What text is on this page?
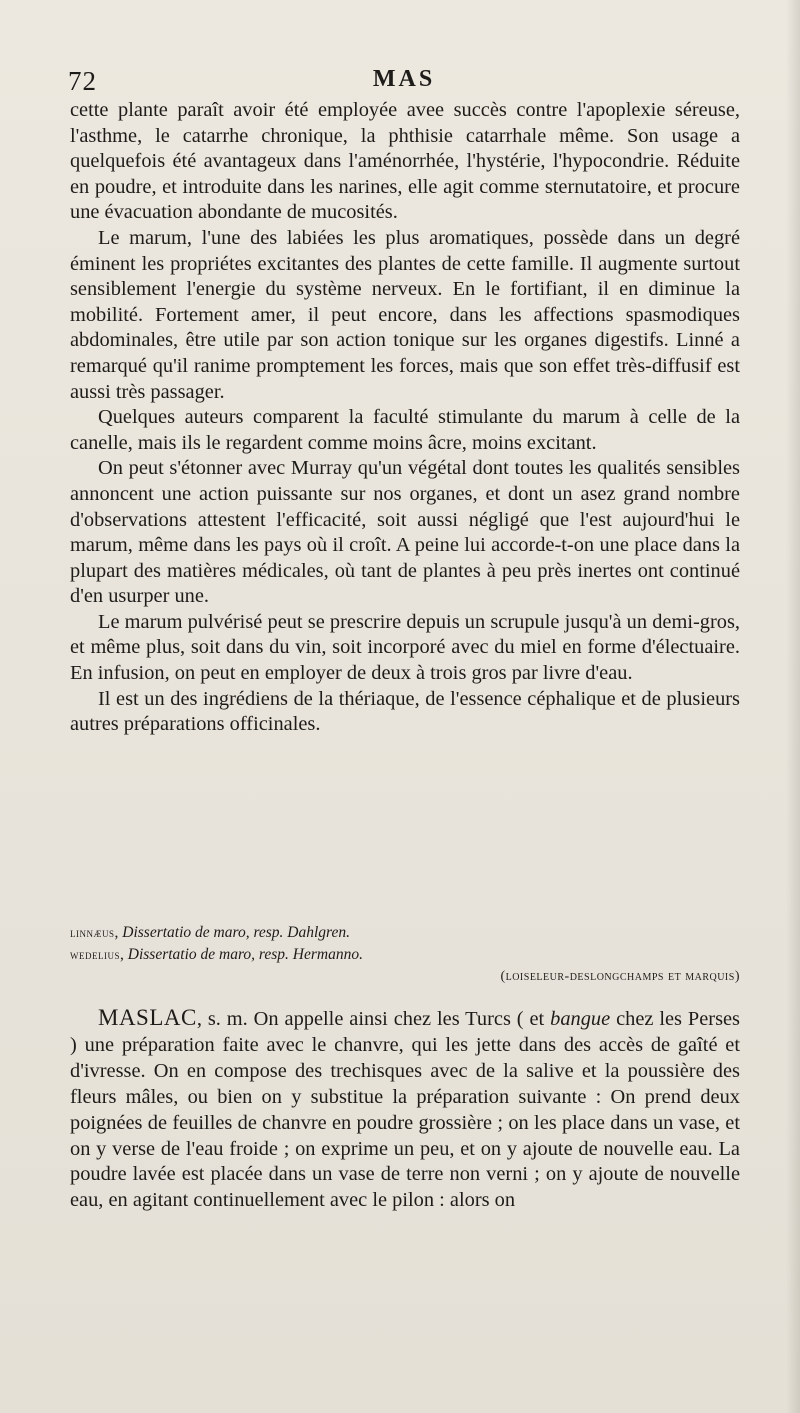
72	MAS

cette plante paraît avoir été employée avee succès contre l'apoplexie séreuse, l'asthme, le catarrhe chronique, la phthisie catarrhale même. Son usage a quelquefois été avantageux dans l'aménorrhée, l'hystérie, l'hypocondrie. Réduite en poudre, et introduite dans les narines, elle agit comme sternutatoire, et procure une évacuation abondante de mucosités.

Le marum, l'une des labiées les plus aromatiques, possède dans un degré éminent les propriétes excitantes des plantes de cette famille. Il augmente surtout sensiblement l'energie du système nerveux. En le fortifiant, il en diminue la mobilité. Fortement amer, il peut encore, dans les affections spasmodiques abdominales, être utile par son action tonique sur les organes digestifs. Linné a remarqué qu'il ranime promptement les forces, mais que son effet très-diffusif est aussi très passager.

Quelques auteurs comparent la faculté stimulante du marum à celle de la canelle, mais ils le regardent comme moins âcre, moins excitant.

On peut s'étonner avec Murray qu'un végétal dont toutes les qualités sensibles annoncent une action puissante sur nos organes, et dont un asez grand nombre d'observations attestent l'efficacité, soit aussi négligé que l'est aujourd'hui le marum, même dans les pays où il croît. A peine lui accorde-t-on une place dans la plupart des matières médicales, où tant de plantes à peu près inertes ont continué d'en usurper une.

Le marum pulvérisé peut se prescrire depuis un scrupule jusqu'à un demi-gros, et même plus, soit dans du vin, soit incorporé avec du miel en forme d'électuaire. En infusion, on peut en employer de deux à trois gros par livre d'eau.

Il est un des ingrédiens de la thériaque, de l'essence céphalique et de plusieurs autres préparations officinales.

linnæus, Dissertatio de maro, resp. Dahlgren.

wedelius, Dissertatio de maro, resp. Hermanno.

(loiseleur-deslongchamps et marquis)

MASLAC, s. m. On appelle ainsi chez les Turcs ( et bangue chez les Perses ) une préparation faite avec le chanvre, qui les jette dans des accès de gaîté et d'ivresse. On en compose des trechisques avec de la salive et la poussière des fleurs mâles, ou bien on y substitue la préparation suivante : On prend deux poignées de feuilles de chanvre en poudre grossière ; on les place dans un vase, et on y verse de l'eau froide ; on exprime un peu, et on y ajoute de nouvelle eau. La poudre lavée est placée dans un vase de terre non verni ; on y ajoute de nouvelle eau, en agitant continuellement avec le pilon : alors on
